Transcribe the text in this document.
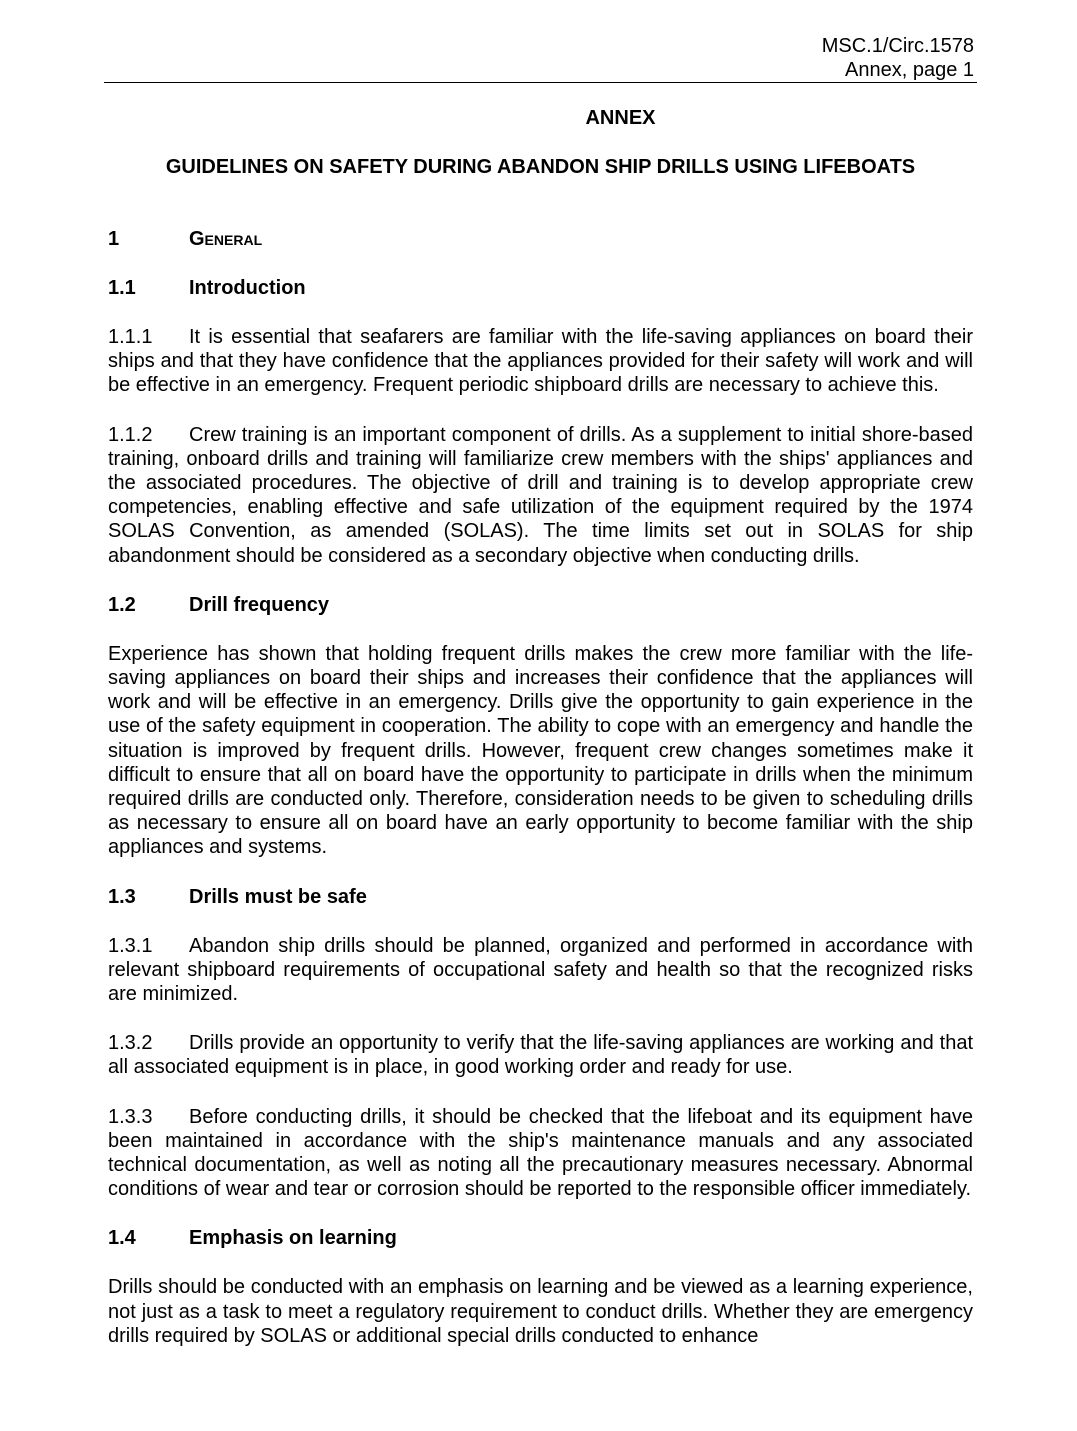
MSC.1/Circ.1578
Annex, page 1

ANNEX

GUIDELINES ON SAFETY DURING ABANDON SHIP DRILLS USING LIFEBOATS

1	General
1.1	Introduction

1.1.1 It is essential that seafarers are familiar with the life-saving appliances on board their ships and that they have confidence that the appliances provided for their safety will work and will be effective in an emergency. Frequent periodic shipboard drills are necessary to achieve this.

1.1.2 Crew training is an important component of drills. As a supplement to initial shore-based training, onboard drills and training will familiarize crew members with the ships' appliances and the associated procedures. The objective of drill and training is to develop appropriate crew competencies, enabling effective and safe utilization of the equipment required by the 1974 SOLAS Convention, as amended (SOLAS). The time limits set out in SOLAS for ship abandonment should be considered as a secondary objective when conducting drills.

1.2	Drill frequency

Experience has shown that holding frequent drills makes the crew more familiar with the life-saving appliances on board their ships and increases their confidence that the appliances will work and will be effective in an emergency. Drills give the opportunity to gain experience in the use of the safety equipment in cooperation. The ability to cope with an emergency and handle the situation is improved by frequent drills. However, frequent crew changes sometimes make it difficult to ensure that all on board have the opportunity to participate in drills when the minimum required drills are conducted only. Therefore, consideration needs to be given to scheduling drills as necessary to ensure all on board have an early opportunity to become familiar with the ship appliances and systems.

1.3	Drills must be safe

1.3.1 Abandon ship drills should be planned, organized and performed in accordance with relevant shipboard requirements of occupational safety and health so that the recognized risks are minimized.

1.3.2 Drills provide an opportunity to verify that the life-saving appliances are working and that all associated equipment is in place, in good working order and ready for use.

1.3.3 Before conducting drills, it should be checked that the lifeboat and its equipment have been maintained in accordance with the ship's maintenance manuals and any associated technical documentation, as well as noting all the precautionary measures necessary. Abnormal conditions of wear and tear or corrosion should be reported to the responsible officer immediately.

1.4	Emphasis on learning

Drills should be conducted with an emphasis on learning and be viewed as a learning experience, not just as a task to meet a regulatory requirement to conduct drills. Whether they are emergency drills required by SOLAS or additional special drills conducted to enhance
